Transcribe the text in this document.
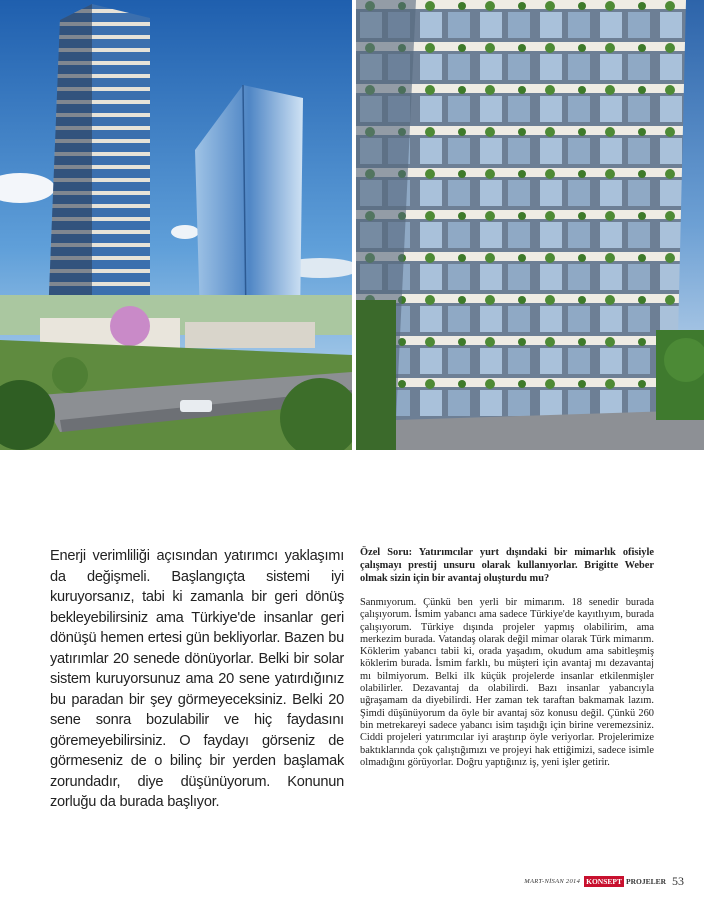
Enerji verimliliği açısından yatırımcı yaklaşımı da değişmeli. Başlangıçta sistemi iyi kuruyorsanız, tabi ki zamanla bir geri dönüş bekleyebilirsiniz ama Türkiye'de insanlar geri dönüşü hemen ertesi gün bekliyorlar. Bazen bu yatırımlar 20 senede dönüyorlar. Belki bir solar sistem kuruyorsunuz ama 20 sene yatırdığınız bu paradan bir şey görmeyeceksiniz. Belki 20 sene sonra bozulabilir ve hiç faydasını göremeyebilirsiniz. O faydayı görseniz de görmeseniz de o bilinç bir yerden başlamak zorundadır, diye düşünüyorum. Konunun zorluğu da burada başlıyor.

Özel Soru: Yatırımcılar yurt dışındaki bir mimarlık ofisiyle çalışmayı prestij unsuru olarak kullanıyorlar. Brigitte Weber olmak sizin için bir avantaj oluşturdu mu?

Sanmıyorum. Çünkü ben yerli bir mimarım. 18 senedir burada çalışıyorum. İsmim yabancı ama sadece Türkiye'de kayıtlıyım, burada çalışıyorum. Türkiye dışında projeler yapmış olabilirim, ama merkezim burada. Vatandaş olarak değil mimar olarak Türk mimarım. Köklerim yabancı tabii ki, orada yaşadım, okudum ama sabitleşmiş köklerim burada. İsmim farklı, bu müşteri için avantaj mı dezavantaj mı bilmiyorum. Belki ilk küçük projelerde insanlar etkilenmişler olabilirler. Dezavantaj da olabilirdi. Bazı insanlar yabancıyla uğraşamam da diyebilirdi. Her zaman tek taraftan bakmamak lazım. Şimdi düşünüyorum da öyle bir avantaj söz konusu değil. Çünkü 260 bin metrekareyi sadece yabancı isim taşıdığı için birine veremezsiniz. Ciddi projeleri yatırımcılar iyi araştırıp öyle veriyorlar. Projelerimize baktıklarında çok çalıştığımızı ve projeyi hak ettiğimizi, sadece isimle olmadığını görüyorlar. Doğru yaptığınız iş, yeni işler getirir.

MART-NİSAN 2014 KONSEPT PROJELER 53
